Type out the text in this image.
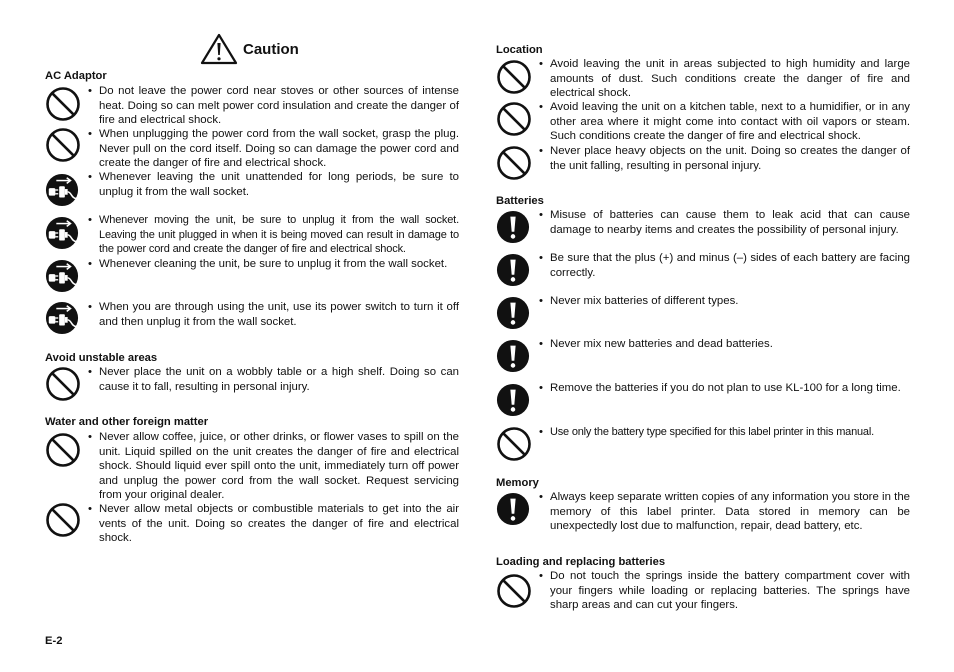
Caution
AC Adaptor
• Do not leave the power cord near stoves or other sources of intense heat. Doing so can melt power cord insulation and create the danger of fire and electrical shock.
• When unplugging the power cord from the wall socket, grasp the plug. Never pull on the cord itself. Doing so can damage the power cord and create the danger of fire and electrical shock.
• Whenever leaving the unit unattended for long periods, be sure to unplug it from the wall socket.
• Whenever moving the unit, be sure to unplug it from the wall socket. Leaving the unit plugged in when it is being moved can result in damage to the power cord and create the danger of fire and electrical shock.
• Whenever cleaning the unit, be sure to unplug it from the wall socket.
• When you are through using the unit, use its power switch to turn it off and then unplug it from the wall socket.
Avoid unstable areas
• Never place the unit on a wobbly table or a high shelf. Doing so can cause it to fall, resulting in personal injury.
Water and other foreign matter
• Never allow coffee, juice, or other drinks, or flower vases to spill on the unit. Liquid spilled on the unit creates the danger of fire and electrical shock. Should liquid ever spill onto the unit, immediately turn off power and unplug the power cord from the wall socket. Request servicing from your original dealer.
• Never allow metal objects or combustible materials to get into the air vents of the unit. Doing so creates the danger of fire and electrical shock.
E-2
Location
• Avoid leaving the unit in areas subjected to high humidity and large amounts of dust. Such conditions create the danger of fire and electrical shock.
• Avoid leaving the unit on a kitchen table, next to a humidifier, or in any other area where it might come into contact with oil vapors or steam. Such conditions create the danger of fire and electrical shock.
• Never place heavy objects on the unit. Doing so creates the danger of the unit falling, resulting in personal injury.
Batteries
• Misuse of batteries can cause them to leak acid that can cause damage to nearby items and creates the possibility of personal injury.
• Be sure that the plus (+) and minus (–) sides of each battery are facing correctly.
• Never mix batteries of different types.
• Never mix new batteries and dead batteries.
• Remove the batteries if you do not plan to use KL-100 for a long time.
• Use only the battery type specified for this label printer in this manual.
Memory
• Always keep separate written copies of any information you store in the memory of this label printer. Data stored in memory can be unexpectedly lost due to malfunction, repair, dead battery, etc.
Loading and replacing batteries
• Do not touch the springs inside the battery compartment cover with your fingers while loading or replacing batteries. The springs have sharp areas and can cut your fingers.
